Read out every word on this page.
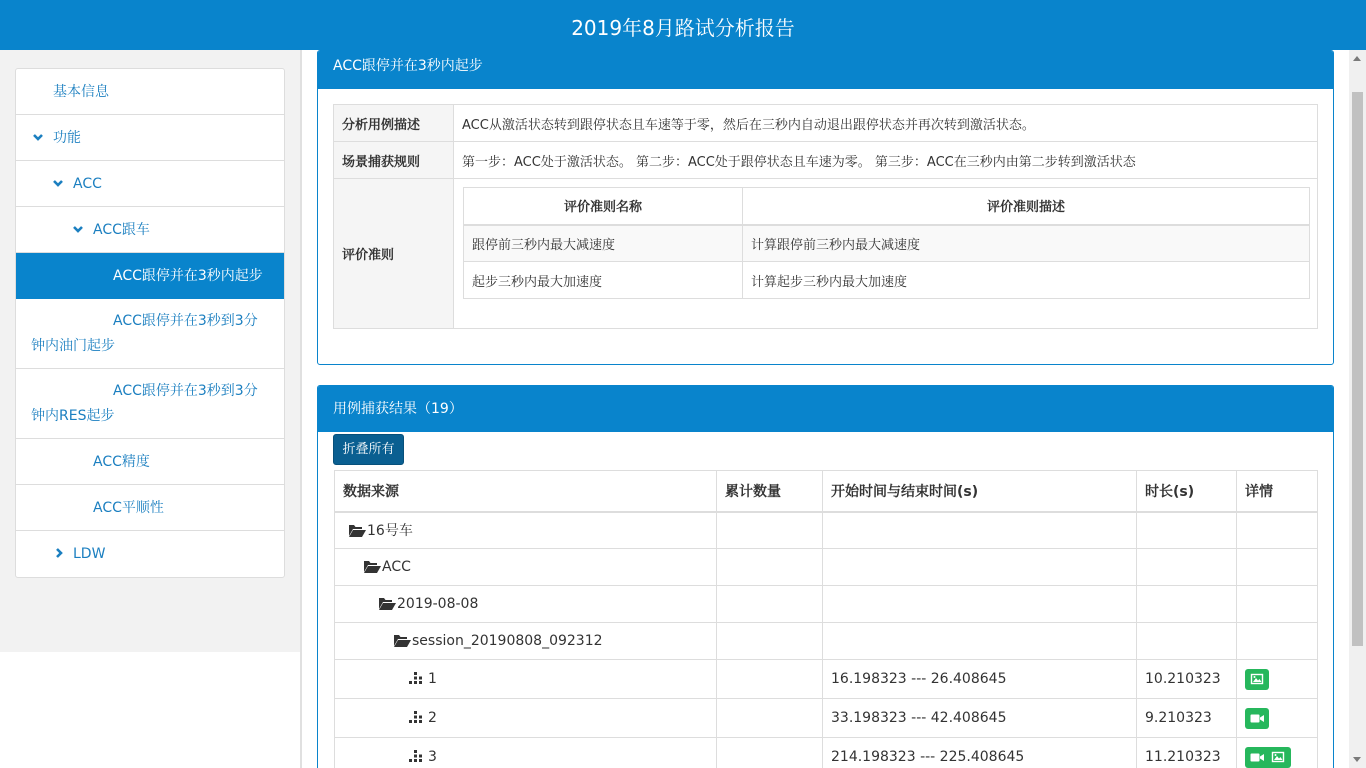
2019年8月路试分析报告
基本信息
功能
ACC
ACC跟车
ACC跟停并在3秒内起步
ACC跟停并在3秒到3分钟内油门起步
ACC跟停并在3秒到3分钟内RES起步
ACC精度
ACC平顺性
LDW
ACC跟停并在3秒内起步
分析用例描述	ACC从激活状态转到跟停状态且车速等于零，然后在三秒内自动退出跟停状态并再次转到激活状态。
场景捕获规则	第一步：ACC处于激活状态。 第二步：ACC处于跟停状态且车速为零。 第三步：ACC在三秒内由第二步转到激活状态
评价准则	
评价准则名称	评价准则描述
跟停前三秒内最大减速度	计算跟停前三秒内最大减速度
起步三秒内最大加速度	计算起步三秒内最大加速度
用例捕获结果（19）
折叠所有
数据来源	累计数量	开始时间与结束时间(s)	时长(s)	详情

16号车				

ACC				

2019-08-08				

session_20190808_092312				
1		16.198323 --- 26.408645	10.210323	

2		33.198323 --- 42.408645	9.210323	

3		214.198323 --- 225.408645	11.210323	
